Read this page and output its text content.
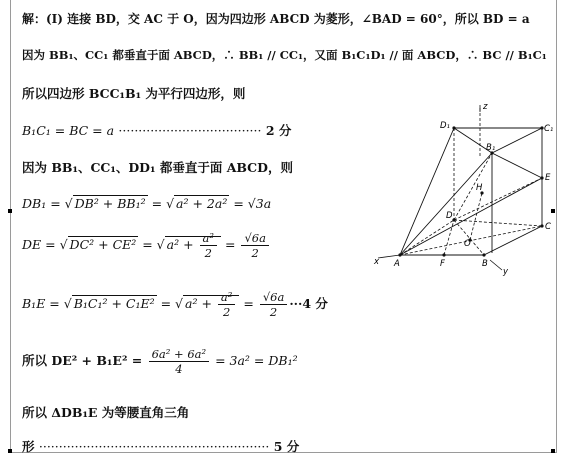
解：(Ⅰ) 连接 BD，交 AC 于 O，因为四边形 ABCD 为菱形，∠BAD = 60°，所以 BD = a
因为 BB₁、CC₁ 都垂直于面 ABCD，∴ BB₁ // CC₁，又面 B₁C₁D₁ // 面 ABCD，∴ BC // B₁C₁
所以四边形 BCC₁B₁ 为平行四边形，则
B₁C₁ = BC = a ···································· 2 分
因为 BB₁、CC₁、DD₁ 都垂直于面 ABCD，则
DB₁ = √ DB² + BB₁² = √ a² + 2a² = √3a
DE = √ DC² + CE² = √ $a^2 + \frac{\text{a²}}{2} = \frac{√6a}{2}$
B₁E = √ B₁C₁² + C₁E² = √ $a^2 + \frac{\text{a²}}{2} = \frac{√6a}{2} \cdot\cdot\cdot 4$ 分
所以 $DE^2 + B_1E^2 = \frac{\text{6a² + 6a²}}{4} = 3a^2 = DB_1^2$
所以 ΔDB₁E 为等腰直角三角
形 ·························································· 5 分
D₁	C₁
B₁
E
H
D
O
C
A	F	B
x
y
z
